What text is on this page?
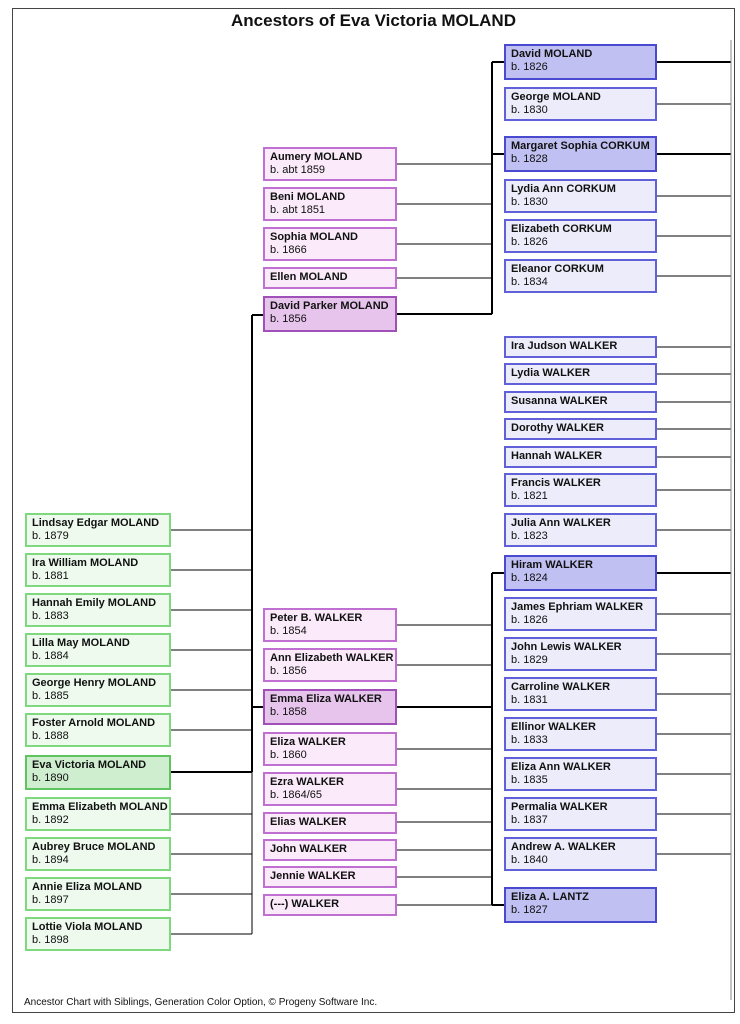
Ancestors of Eva Victoria MOLAND
Lindsay Edgar MOLAND
b. 1879
Ira William MOLAND
b. 1881
Hannah Emily MOLAND
b. 1883
Lilla May MOLAND
b. 1884
George Henry MOLAND
b. 1885
Foster Arnold MOLAND
b. 1888
Eva Victoria MOLAND
b. 1890
Emma Elizabeth MOLAND
b. 1892
Aubrey Bruce MOLAND
b. 1894
Annie Eliza MOLAND
b. 1897
Lottie Viola MOLAND
b. 1898
Aumery MOLAND
b. abt 1859
Beni MOLAND
b. abt 1851
Sophia MOLAND
b. 1866
Ellen MOLAND
David Parker MOLAND
b. 1856
Peter B. WALKER
b. 1854
Ann Elizabeth WALKER
b. 1856
Emma Eliza WALKER
b. 1858
Eliza WALKER
b. 1860
Ezra WALKER
b. 1864/65
Elias WALKER
John WALKER
Jennie WALKER
(---) WALKER
David MOLAND
b. 1826
George MOLAND
b. 1830
Margaret Sophia CORKUM
b. 1828
Lydia Ann CORKUM
b. 1830
Elizabeth CORKUM
b. 1826
Eleanor CORKUM
b. 1834
Ira Judson WALKER
Lydia WALKER
Susanna WALKER
Dorothy WALKER
Hannah WALKER
Francis WALKER
b. 1821
Julia Ann WALKER
b. 1823
Hiram WALKER
b. 1824
James Ephriam WALKER
b. 1826
John Lewis WALKER
b. 1829
Carroline WALKER
b. 1831
Ellinor WALKER
b. 1833
Eliza Ann WALKER
b. 1835
Permalia WALKER
b. 1837
Andrew A. WALKER
b. 1840
Eliza A. LANTZ
b. 1827
Ancestor Chart with Siblings, Generation Color Option, © Progeny Software Inc.
